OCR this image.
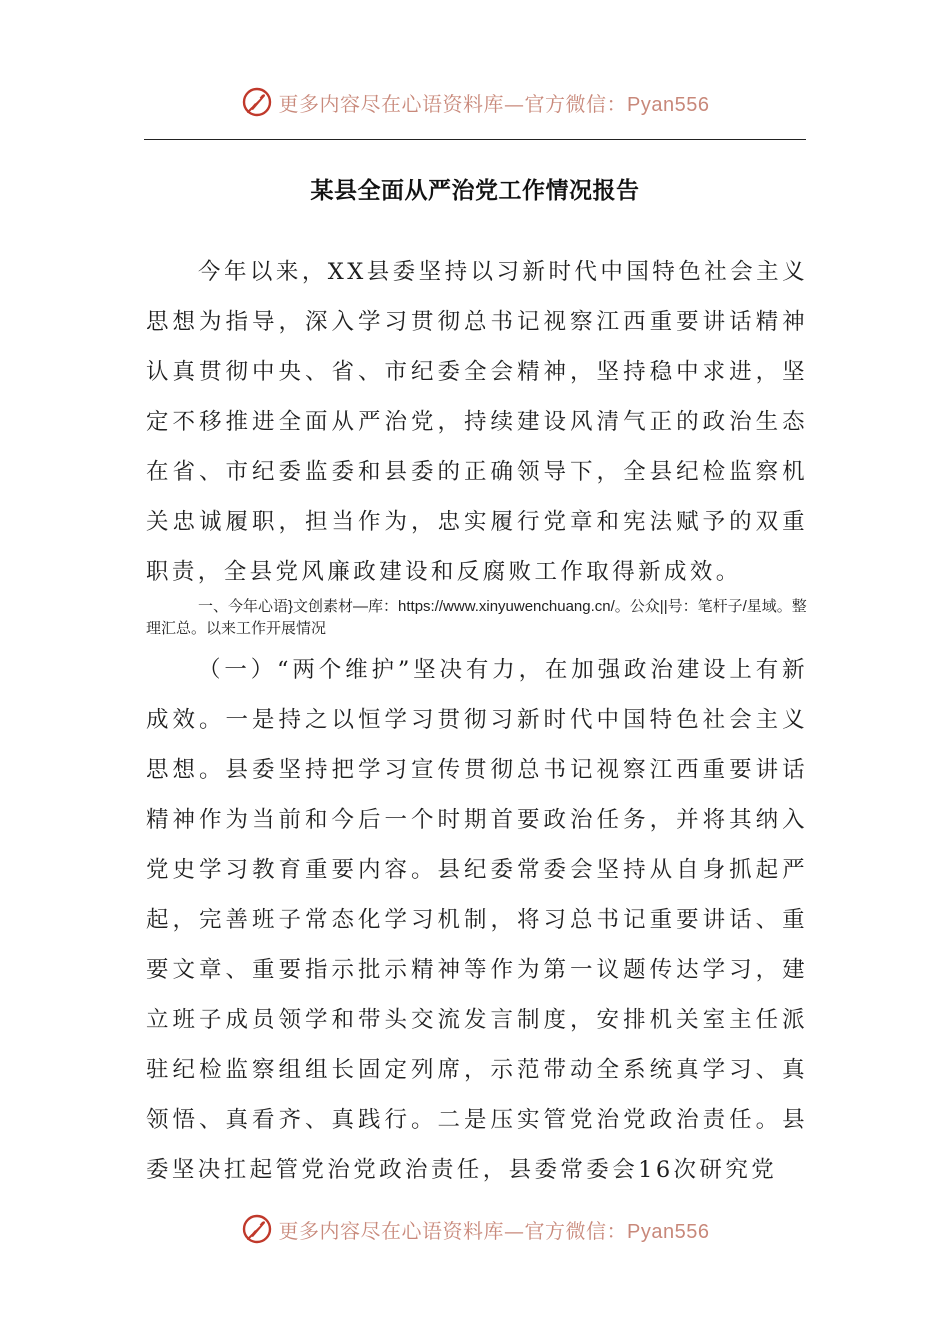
更多内容尽在心语资料库—官方微信：Pyan556
某县全面从严治党工作情况报告
今年以来，XX县委坚持以习新时代中国特色社会主义思想为指导，深入学习贯彻总书记视察江西重要讲话精神认真贯彻中央、省、市纪委全会精神，坚持稳中求进，坚定不移推进全面从严治党，持续建设风清气正的政治生态在省、市纪委监委和县委的正确领导下，全县纪检监察机关忠诚履职，担当作为，忠实履行党章和宪法赋予的双重职责，全县党风廉政建设和反腐败工作取得新成效。
一、今年心语}文创素材—库：https://www.xinyuwenchuang.cn/。公众||号：笔杆子/星域。整理汇总。以来工作开展情况
（一）“两个维护”坚决有力，在加强政治建设上有新成效。一是持之以恒学习贯彻习新时代中国特色社会主义思想。县委坚持把学习宣传贯彻总书记视察江西重要讲话精神作为当前和今后一个时期首要政治任务，并将其纳入党史学习教育重要内容。县纪委常委会坚持从自身抓起严起，完善班子常态化学习机制，将习总书记重要讲话、重要文章、重要指示批示精神等作为第一议题传达学习，建立班子成员领学和带头交流发言制度，安排机关室主任派驻纪检监察组组长固定列席，示范带动全系统真学习、真领悟、真看齐、真践行。二是压实管党治党政治责任。县委坚决扛起管党治党政治责任，县委常委会16次研究党
更多内容尽在心语资料库—官方微信：Pyan556
